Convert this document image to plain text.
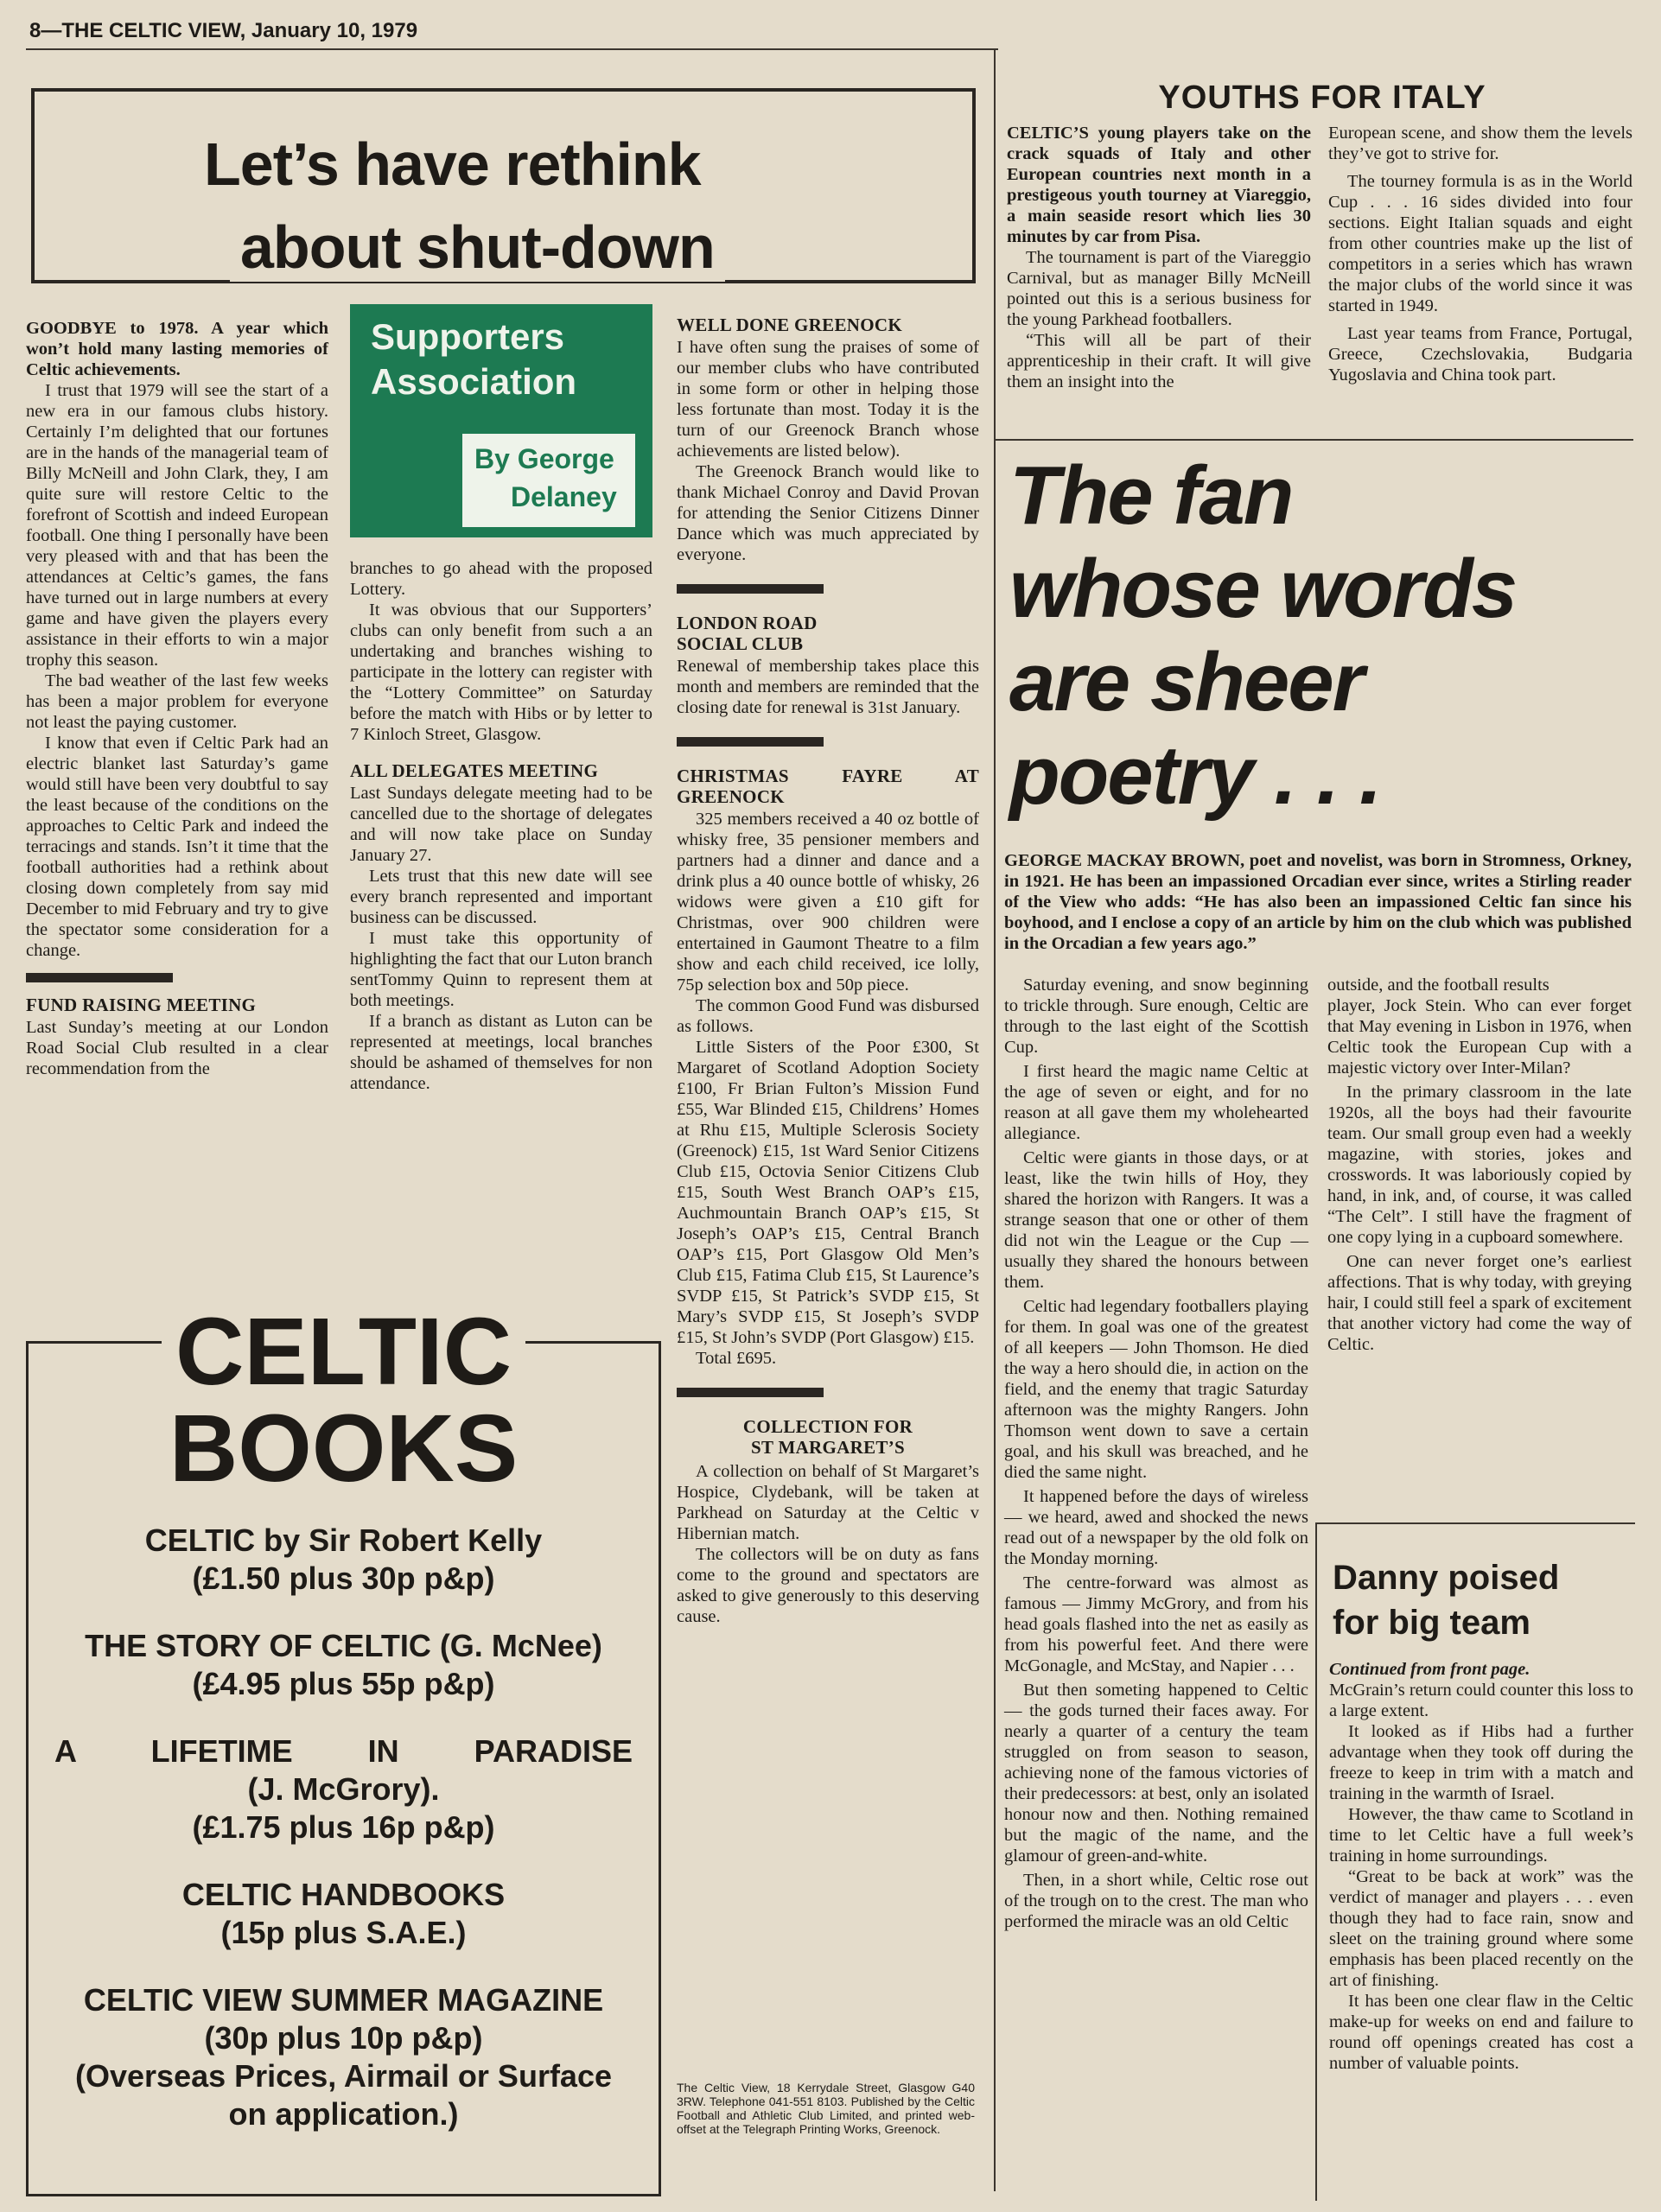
8—THE CELTIC VIEW, January 10, 1979
Let’s have rethink
about shut-down

GOODBYE to 1978. A year which won’t hold many lasting memories of Celtic achievements.

I trust that 1979 will see the start of a new era in our famous clubs history. Certainly I’m delighted that our fortunes are in the hands of the managerial team of Billy McNeill and John Clark, they, I am quite sure will restore Celtic to the forefront of Scottish and indeed European football. One thing I personally have been very pleased with and that has been the attendances at Celtic’s games, the fans have turned out in large numbers at every game and have given the players every assistance in their efforts to win a major trophy this season.

The bad weather of the last few weeks has been a major problem for everyone not least the paying customer.

I know that even if Celtic Park had an electric blanket last Saturday’s game would still have been very doubtful to say the least because of the conditions on the approaches to Celtic Park and indeed the terracings and stands. Isn’t it time that the football authorities had a rethink about closing down completely from say mid December to mid February and try to give the spectator some consideration for a change.

FUND RAISING MEETING

Last Sunday’s meeting at our London Road Social Club resulted in a clear recommendation from the

Supporters
Association
By George
Delaney

branches to go ahead with the proposed Lottery.

It was obvious that our Supporters’ clubs can only benefit from such a an undertaking and branches wishing to participate in the lottery can register with the “Lottery Committee” on Saturday before the match with Hibs or by letter to 7 Kinloch Street, Glasgow.

ALL DELEGATES MEETING

Last Sundays delegate meeting had to be cancelled due to the shortage of delegates and will now take place on Sunday January 27.

Lets trust that this new date will see every branch represented and important business can be discussed.

I must take this opportunity of highlighting the fact that our Luton branch sentTommy Quinn to represent them at both meetings.

If a branch as distant as Luton can be represented at meetings, local branches should be ashamed of themselves for non attendance.

WELL DONE GREENOCK

I have often sung the praises of some of our member clubs who have contributed in some form or other in helping those less fortunate than most. Today it is the turn of our Greenock Branch whose achievements are listed below).

The Greenock Branch would like to thank Michael Conroy and David Provan for attending the Senior Citizens Dinner Dance which was much appreciated by everyone.

LONDON ROAD
SOCIAL CLUB

Renewal of membership takes place this month and members are reminded that the closing date for renewal is 31st January.

CHRISTMAS FAYRE AT
GREENOCK

325 members received a 40 oz bottle of whisky free, 35 pensioner members and partners had a dinner and dance and a drink plus a 40 ounce bottle of whisky, 26 widows were given a £10 gift for Christmas, over 900 children were entertained in Gaumont Theatre to a film show and each child received, ice lolly, 75p selection box and 50p piece.

The common Good Fund was disbursed as follows.

Little Sisters of the Poor £300, St Margaret of Scotland Adoption Society £100, Fr Brian Fulton’s Mission Fund £55, War Blinded £15, Childrens’ Homes at Rhu £15, Multiple Sclerosis Society (Greenock) £15, 1st Ward Senior Citizens Club £15, Octovia Senior Citizens Club £15, South West Branch OAP’s £15, Auchmountain Branch OAP’s £15, St Joseph’s OAP’s £15, Central Branch OAP’s £15, Port Glasgow Old Men’s Club £15, Fatima Club £15, St Laurence’s SVDP £15, St Patrick’s SVDP £15, St Mary’s SVDP £15, St Joseph’s SVDP £15, St John’s SVDP (Port Glasgow) £15.

Total £695.

COLLECTION FOR
ST MARGARET’S

A collection on behalf of St Margaret’s Hospice, Clydebank, will be taken at Parkhead on Saturday at the Celtic v Hibernian match.

The collectors will be on duty as fans come to the ground and spectators are asked to give generously to this deserving cause.

The Celtic View, 18 Kerrydale Street, Glasgow G40 3RW. Telephone 041-551 8103. Published by the Celtic Football and Athletic Club Limited, and printed web-offset at the Telegraph Printing Works, Greenock.
CELTIC
BOOKS
CELTIC by Sir Robert Kelly
(£1.50 plus 30p p&p)
THE STORY OF CELTIC (G. McNee)
(£4.95 plus 55p p&p)
A LIFETIME IN PARADISE
(J. McGrory).
(£1.75 plus 16p p&p)
CELTIC HANDBOOKS
(15p plus S.A.E.)
CELTIC VIEW SUMMER MAGAZINE
(30p plus 10p p&p)
(Overseas Prices, Airmail or Surface
on application.)
YOUTHS FOR ITALY

CELTIC’S young players take on the crack squads of Italy and other European countries next month in a prestigeous youth tourney at Viareggio, a main seaside resort which lies 30 minutes by car from Pisa.

The tournament is part of the Viareggio Carnival, but as manager Billy McNeill pointed out this is a serious business for the young Parkhead footballers.

“This will all be part of their apprenticeship in their craft. It will give them an insight into the

European scene, and show them the levels they’ve got to strive for.

The tourney formula is as in the World Cup . . . 16 sides divided into four sections. Eight Italian squads and eight from other countries make up the list of competitors in a series which has wrawn the major clubs of the world since it was started in 1949.

Last year teams from France, Portugal, Greece, Czechslovakia, Budgaria Yugoslavia and China took part.

The fan
whose words
are sheer
poetry . . .

GEORGE MACKAY BROWN, poet and novelist, was born in Stromness, Orkney, in 1921. He has been an impassioned Orcadian ever since, writes a Stirling reader of the View who adds: “He has also been an impassioned Celtic fan since his boyhood, and I enclose a copy of an article by him on the club which was published in the Orcadian a few years ago.”

Saturday evening, and snow beginning to trickle through. Sure enough, Celtic are through to the last eight of the Scottish Cup.

I first heard the magic name Celtic at the age of seven or eight, and for no reason at all gave them my wholehearted allegiance.

Celtic were giants in those days, or at least, like the twin hills of Hoy, they shared the horizon with Rangers. It was a strange season that one or other of them did not win the League or the Cup — usually they shared the honours between them.

Celtic had legendary footballers playing for them. In goal was one of the greatest of all keepers — John Thomson. He died the way a hero should die, in action on the field, and the enemy that tragic Saturday afternoon was the mighty Rangers. John Thomson went down to save a certain goal, and his skull was breached, and he died the same night.

It happened before the days of wireless — we heard, awed and shocked the news read out of a newspaper by the old folk on the Monday morning.

The centre-forward was almost as famous — Jimmy McGrory, and from his head goals flashed into the net as easily as from his powerful feet. And there were McGonagle, and McStay, and Napier . . .

But then someting happened to Celtic — the gods turned their faces away. For nearly a quarter of a century the team struggled on from season to season, achieving none of the famous victories of their predecessors: at best, only an isolated honour now and then. Nothing remained but the magic of the name, and the glamour of green-and-white.

Then, in a short while, Celtic rose out of the trough on to the crest. The man who performed the miracle was an old Celtic

outside, and the football results

player, Jock Stein. Who can ever forget that May evening in Lisbon in 1976, when Celtic took the European Cup with a majestic victory over Inter-Milan?

In the primary classroom in the late 1920s, all the boys had their favourite team. Our small group even had a weekly magazine, with stories, jokes and crosswords. It was laboriously copied by hand, in ink, and, of course, it was called “The Celt”. I still have the fragment of one copy lying in a cupboard somewhere.

One can never forget one’s earliest affections. That is why today, with greying hair, I could still feel a spark of excitement that another victory had come the way of Celtic.

Danny poised
for big team

Continued from front page.

McGrain’s return could counter this loss to a large extent.

It looked as if Hibs had a further advantage when they took off during the freeze to keep in trim with a match and training in the warmth of Israel.

However, the thaw came to Scotland in time to let Celtic have a full week’s training in home surroundings.

“Great to be back at work” was the verdict of manager and players . . . even though they had to face rain, snow and sleet on the training ground where some emphasis has been placed recently on the art of finishing.

It has been one clear flaw in the Celtic make-up for weeks on end and failure to round off openings created has cost a number of valuable points.
